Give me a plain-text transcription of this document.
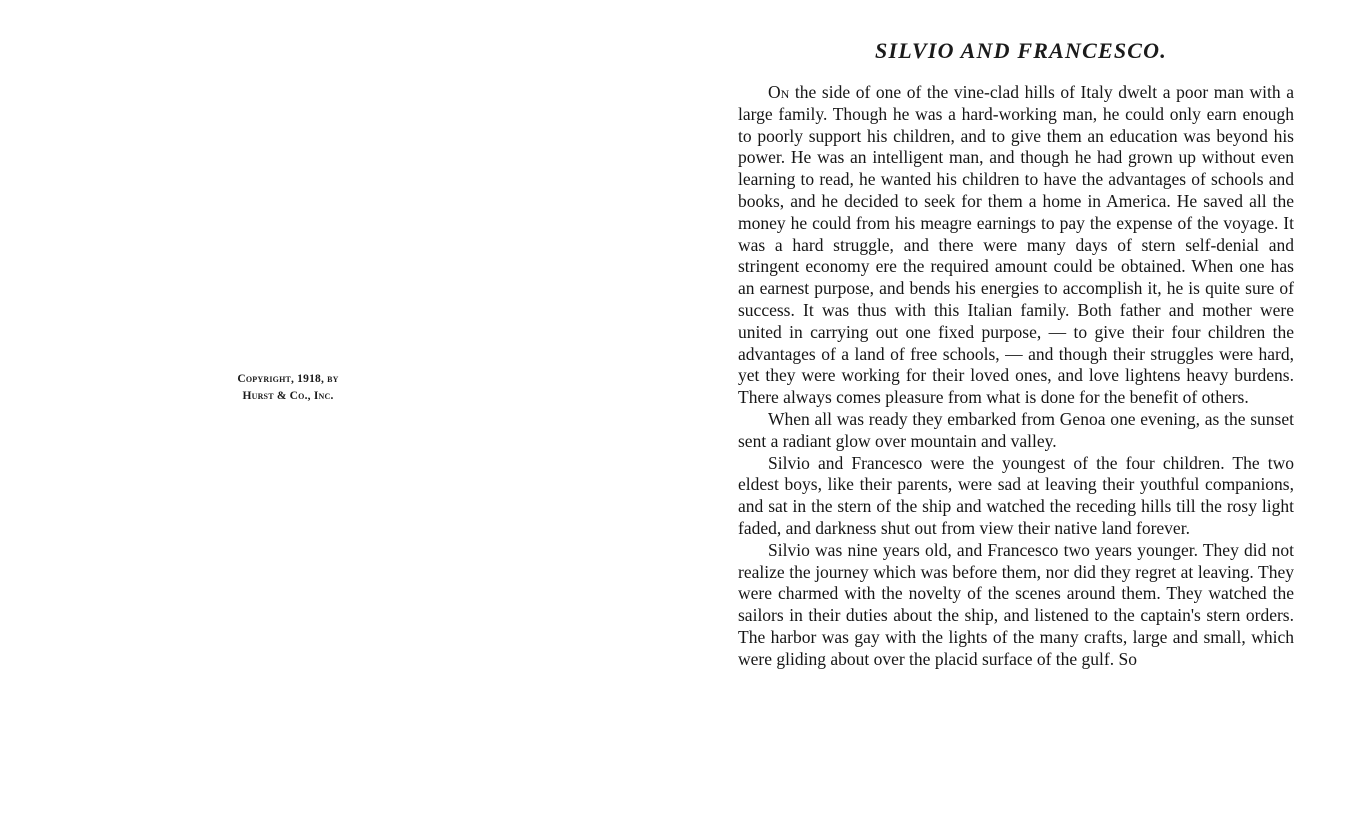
Copyright, 1918, by
Hurst & Co., Inc.
SILVIO AND FRANCESCO.

On the side of one of the vine-clad hills of Italy dwelt a poor man with a large family. Though he was a hard-working man, he could only earn enough to poorly support his children, and to give them an education was beyond his power. He was an intelligent man, and though he had grown up without even learning to read, he wanted his children to have the advantages of schools and books, and he decided to seek for them a home in America. He saved all the money he could from his meagre earnings to pay the expense of the voyage. It was a hard struggle, and there were many days of stern self-denial and stringent economy ere the required amount could be obtained. When one has an earnest purpose, and bends his energies to accomplish it, he is quite sure of success. It was thus with this Italian family. Both father and mother were united in carrying out one fixed purpose, — to give their four children the advantages of a land of free schools, — and though their struggles were hard, yet they were working for their loved ones, and love lightens heavy burdens. There always comes pleasure from what is done for the benefit of others.

When all was ready they embarked from Genoa one evening, as the sunset sent a radiant glow over mountain and valley.

Silvio and Francesco were the youngest of the four children. The two eldest boys, like their parents, were sad at leaving their youthful companions, and sat in the stern of the ship and watched the receding hills till the rosy light faded, and darkness shut out from view their native land forever.

Silvio was nine years old, and Francesco two years younger. They did not realize the journey which was before them, nor did they regret at leaving. They were charmed with the novelty of the scenes around them. They watched the sailors in their duties about the ship, and listened to the captain's stern orders. The harbor was gay with the lights of the many crafts, large and small, which were gliding about over the placid surface of the gulf. So
